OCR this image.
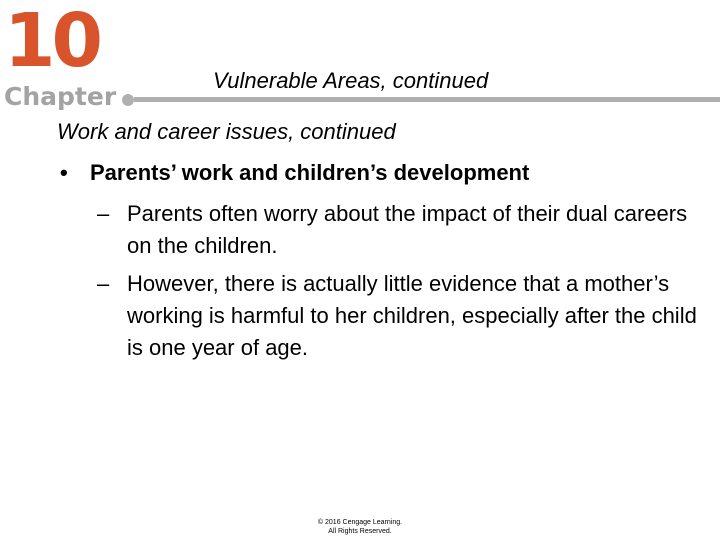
10
Chapter
Vulnerable Areas, continued
Work and career issues, continued
• Parents’ work and children’s development
– Parents often worry about the impact of their dual careers on the children.
– However, there is actually little evidence that a mother’s working is harmful to her children, especially after the child is one year of age.
© 2016 Cengage Learning.
All Rights Reserved.
